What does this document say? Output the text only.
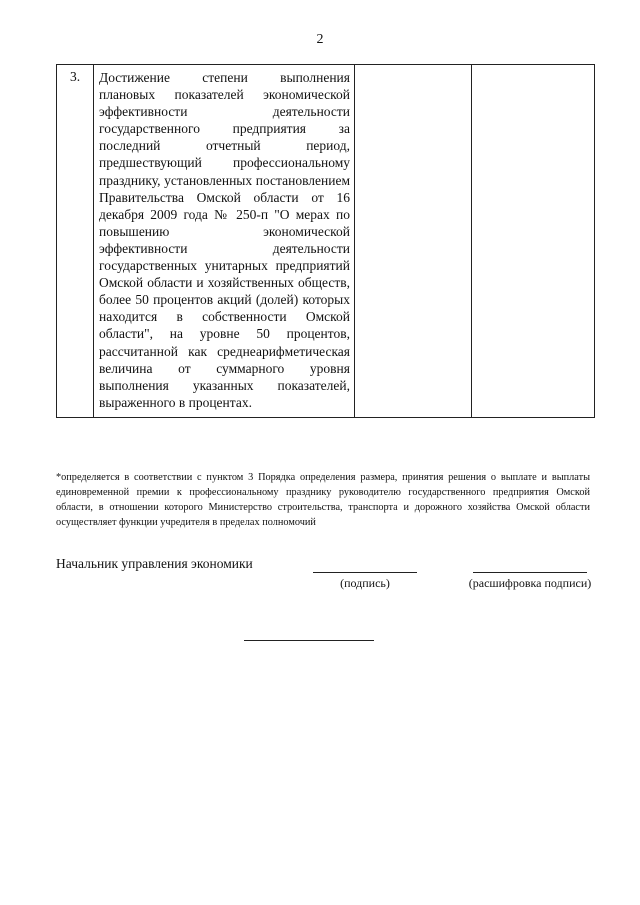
2
3.	Достижение степени выполнения плановых показателей экономической эффективности деятельности государственного предприятия за последний отчетный период, предшествующий профессиональному празднику, установленных постановлением Правительства Омской области от 16 декабря 2009 года № 250-п "О мерах по повышению экономической эффективности деятельности государственных унитарных предприятий Омской области и хозяйственных обществ, более 50 процентов акций (долей) которых находится в собственности Омской области", на уровне 50 процентов, рассчитанной как среднеарифметическая величина от суммарного уровня выполнения указанных показателей, выраженного в процентах.

*определяется в соответствии с пунктом 3 Порядка определения размера, принятия решения о выплате и выплаты единовременной премии к профессиональному празднику руководителю государственного предприятия Омской области, в отношении которого Министерство строительства, транспорта и дорожного хозяйства Омской области осуществляет функции учредителя в пределах полномочий
Начальник управления экономики
(подпись)	(расшифровка подписи)
